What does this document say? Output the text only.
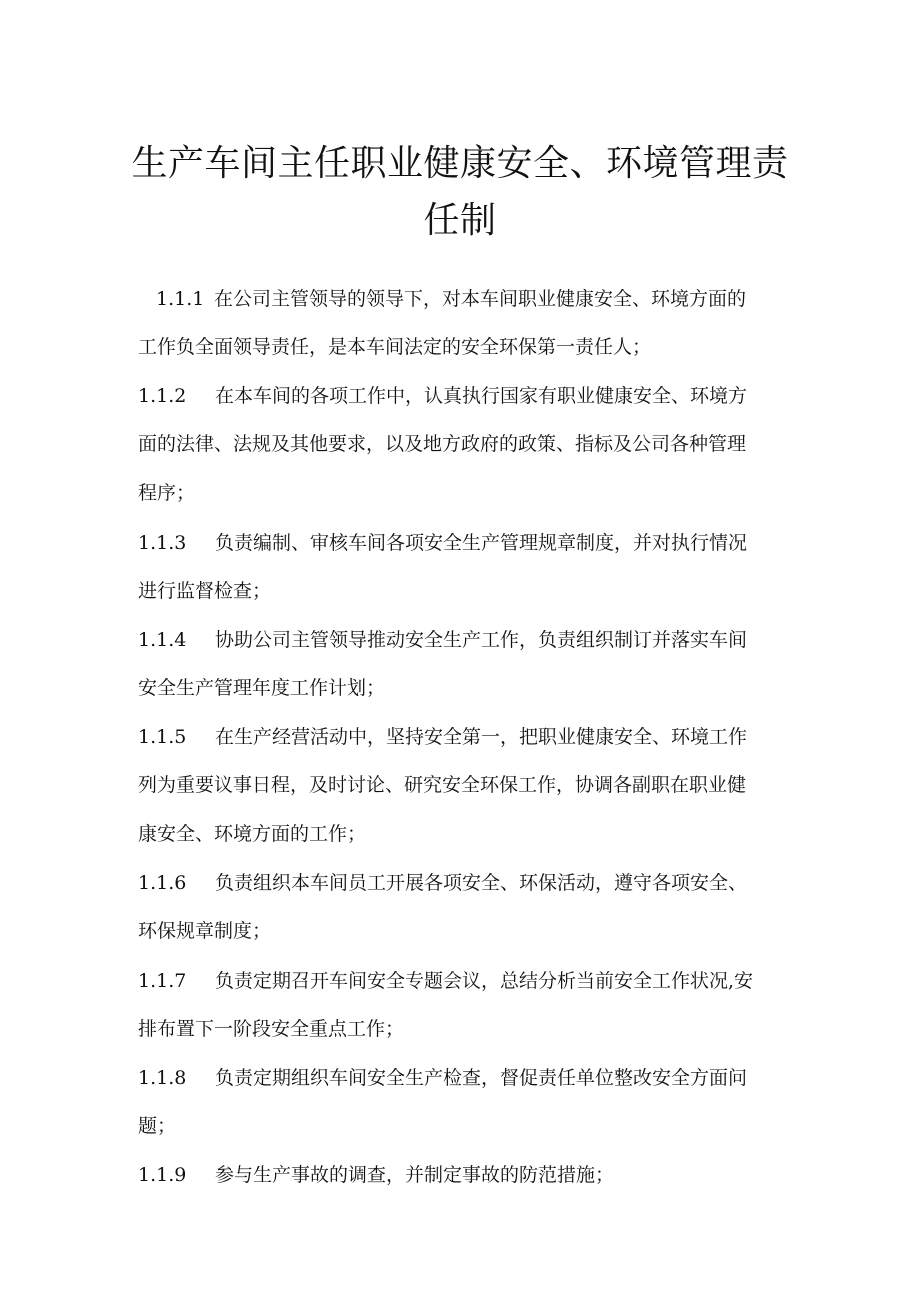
生产车间主任职业健康安全、环境管理责
任制
1.1.1 在公司主管领导的领导下，对本车间职业健康安全、环境方面的
工作负全面领导责任，是本车间法定的安全环保第一责任人；
1.1.2 在本车间的各项工作中，认真执行国家有职业健康安全、环境方
面的法律、法规及其他要求，以及地方政府的政策、指标及公司各种管理
程序；
1.1.3 负责编制、审核车间各项安全生产管理规章制度，并对执行情况
进行监督检查；
1.1.4 协助公司主管领导推动安全生产工作，负责组织制订并落实车间
安全生产管理年度工作计划；
1.1.5 在生产经营活动中，坚持安全第一，把职业健康安全、环境工作
列为重要议事日程，及时讨论、研究安全环保工作，协调各副职在职业健
康安全、环境方面的工作；
1.1.6 负责组织本车间员工开展各项安全、环保活动，遵守各项安全、
环保规章制度；
1.1.7 负责定期召开车间安全专题会议，总结分析当前安全工作状况,安
排布置下一阶段安全重点工作；
1.1.8 负责定期组织车间安全生产检查，督促责任单位整改安全方面问
题；
1.1.9 参与生产事故的调查，并制定事故的防范措施；
